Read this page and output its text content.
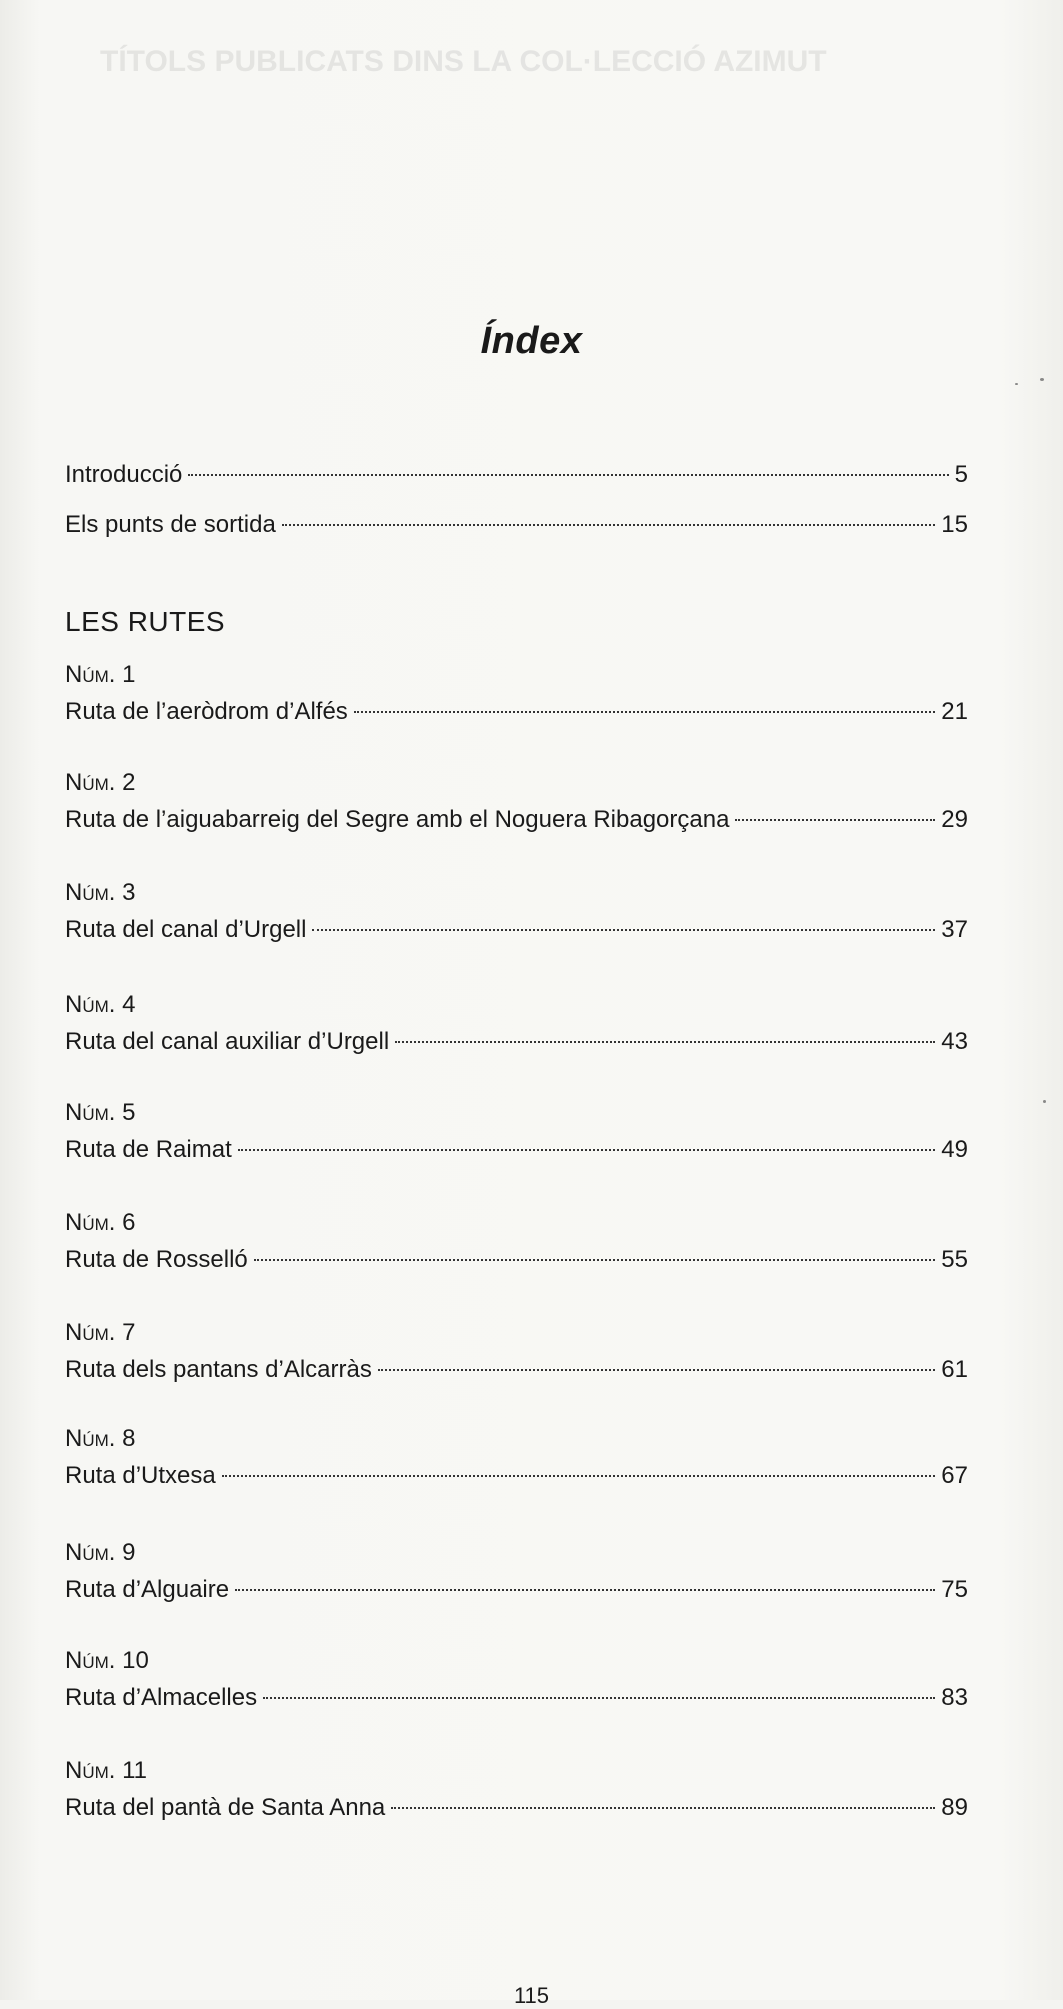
Índex
Introducció	5
Els punts de sortida	15
LES RUTES
Núm. 1
Ruta de l’aeròdrom d’Alfés	21
Núm. 2
Ruta de l’aiguabarreig del Segre amb el Noguera Ribagorçana	29
Núm. 3
Ruta del canal d’Urgell	37
Núm. 4
Ruta del canal auxiliar d’Urgell	43
Núm. 5
Ruta de Raimat	49
Núm. 6
Ruta de Rosselló	55
Núm. 7
Ruta dels pantans d’Alcarràs	61
Núm. 8
Ruta d’Utxesa	67
Núm. 9
Ruta d’Alguaire	75
Núm. 10
Ruta d’Almacelles	83
Núm. 11
Ruta del pantà de Santa Anna	89
115
